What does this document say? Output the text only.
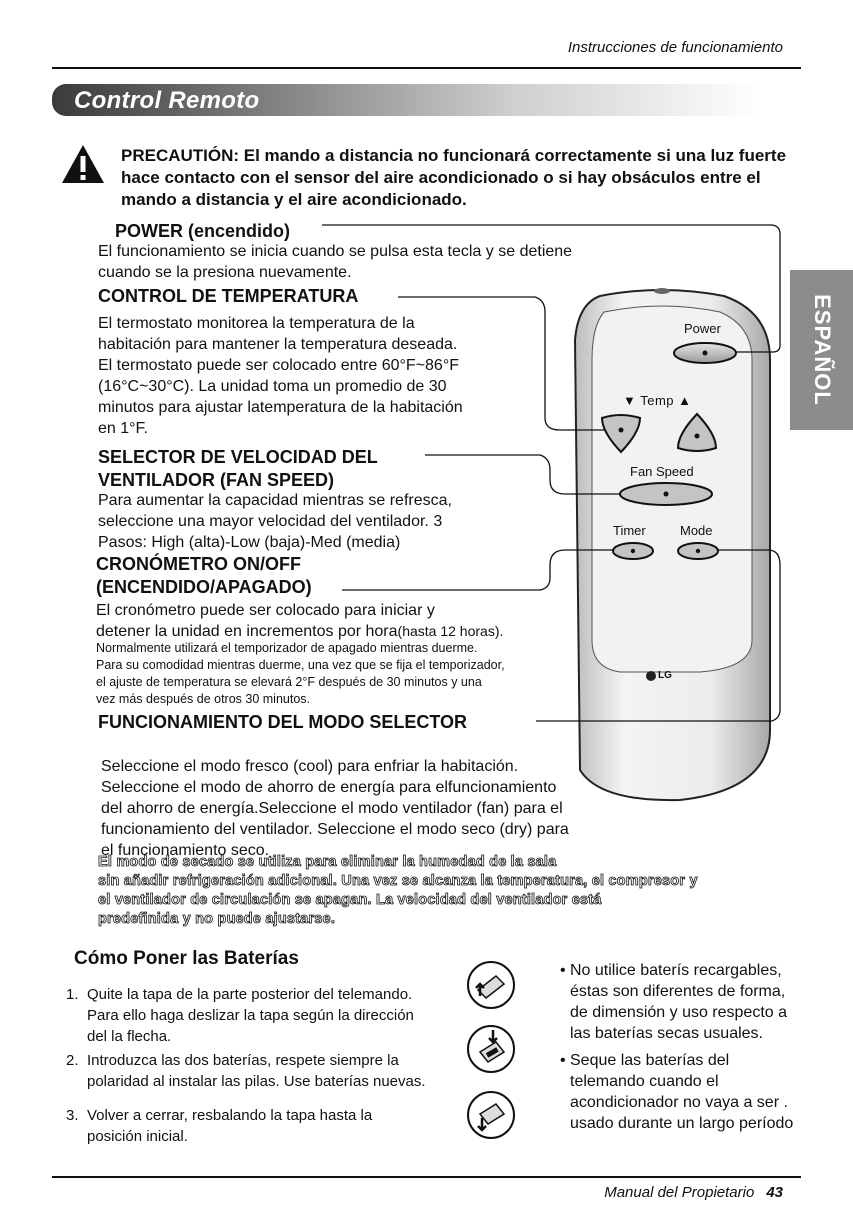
Instrucciones de funcionamiento
Control Remoto
ESPAÑOL
PRECAUTIÓN: El mando a distancia no funcionará correctamente si una luz fuerte hace contacto con el sensor del aire acondicionado o si hay obsáculos entre el mando a distancia y el aire acondicionado.
POWER (encendido)
El funcionamiento se inicia cuando se pulsa esta tecla y se detiene
cuando se la presiona nuevamente.
CONTROL DE TEMPERATURA
El termostato monitorea la temperatura de la
habitación para mantener la temperatura deseada.
El termostato puede ser colocado entre 60°F~86°F
(16°C~30°C). La unidad toma un promedio de 30
minutos para ajustar latemperatura de la habitación
en 1°F.
SELECTOR DE VELOCIDAD DEL
VENTILADOR (FAN SPEED)
Para aumentar la capacidad mientras se refresca,
seleccione una mayor velocidad del ventilador. 3
Pasos: High (alta)-Low (baja)-Med (media)
CRONÓMETRO ON/OFF
(ENCENDIDO/APAGADO)
El cronómetro puede ser colocado para iniciar y
detener la unidad en incrementos por hora(hasta 12 horas).
Normalmente utilizará el temporizador de apagado mientras duerme.
Para su comodidad mientras duerme, una vez que se fija el temporizador,
el ajuste de temperatura se elevará 2°F después de 30 minutos y una
vez más después de otros 30 minutos.
FUNCIONAMIENTO DEL MODO SELECTOR
Seleccione el modo fresco (cool) para enfriar la habitación.
Seleccione el modo de ahorro de energía para elfuncionamiento
del ahorro de energía.Seleccione el modo ventilador (fan) para el
funcionamiento del ventilador. Seleccione el modo seco (dry) para
el funcionamiento seco.
El modo de secado se utiliza para eliminar la humedad de la sala
sin añadir refrigeración adicional. Una vez se alcanza la temperatura, el compresor y
el ventilador de circulación se apagan. La velocidad del ventilador está
predefinida y no puede ajustarse.
Power
▼ Temp ▲
Fan Speed
Timer	Mode
LG
Cómo Poner las Baterías
1. Quite la tapa de la parte posterior del telemando.
Para ello haga deslizar la tapa según la dirección
del la flecha.
2. Introduzca las dos baterías, respete siempre la
polaridad al instalar las pilas. Use baterías nuevas.
3. Volver a cerrar, resbalando la tapa hasta la
posición inicial.
• No utilice baterís recargables,
éstas son diferentes de forma,
de dimensión y uso respecto a
las baterías secas usuales.
• Seque las baterías del
telemando cuando el
acondicionador no vaya a ser .
usado durante un largo período
Manual del Propietario 43
